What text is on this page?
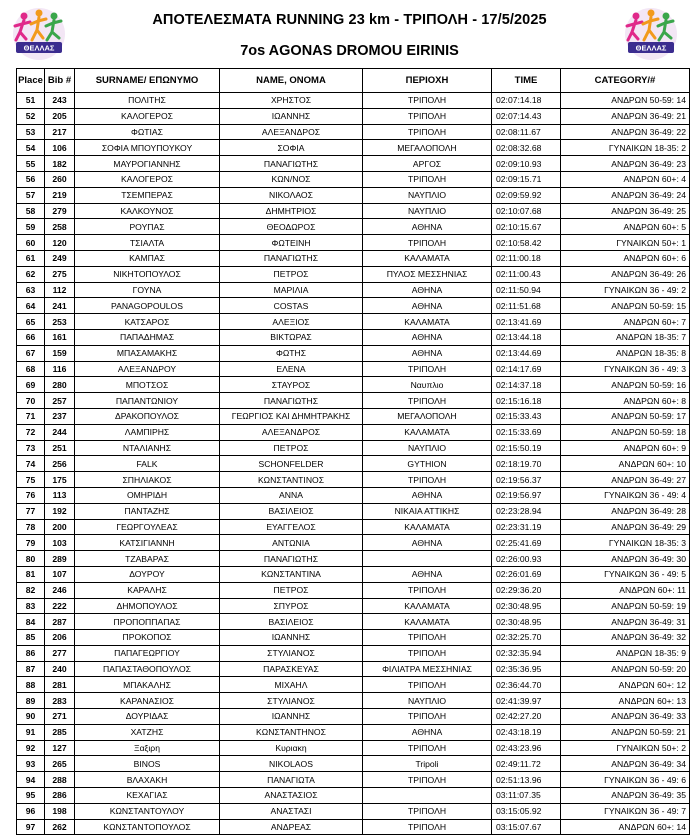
ΘΕΛΛΑΣ	ΘΕΛΛΑΣ
ΑΠΟΤΕΛΕΣΜΑΤΑ RUNNING 23 km - ΤΡΙΠΟΛΗ - 17/5/2025
7os AGONAS DROMOU EIRINIS
Place	Bib #	SURNAME/ ΕΠΩΝΥΜΟ	NAME, ΟΝΟΜΑ	ΠΕΡΙΟΧΗ	TIME	CATEGORY/#
51	243	ΠΟΛΙΤΗΣ	ΧΡΗΣΤΟΣ	ΤΡΙΠΟΛΗ	02:07:14.18	ΑΝΔΡΩΝ 50-59: 14
52	205	ΚΑΛΟΓΕΡΟΣ	ΙΩΑΝΝΗΣ	ΤΡΙΠΟΛΗ	02:07:14.43	ΑΝΔΡΩΝ 36-49: 21
53	217	ΦΩΤΙΑΣ	ΑΛΕΞΑΝΔΡΟΣ	ΤΡΙΠΟΛΗ	02:08:11.67	ΑΝΔΡΩΝ 36-49: 22
54	106	ΣΟΦΙΑ ΜΠΟΥΠΟΥΚΟΥ	ΣΟΦΙΑ	ΜΕΓΑΛΟΠΟΛΗ	02:08:32.68	ΓΥΝΑΙΚΩΝ 18-35: 2
55	182	ΜΑΥΡΟΓΙΑΝΝΗΣ	ΠΑΝΑΓΙΩΤΗΣ	ΑΡΓΟΣ	02:09:10.93	ΑΝΔΡΩΝ 36-49: 23
56	260	ΚΑΛΟΓΕΡΟΣ	ΚΩΝ/ΝΟΣ	ΤΡΙΠΟΛΗ	02:09:15.71	ΑΝΔΡΩΝ 60+: 4
57	219	ΤΣΕΜΠΕΡΑΣ	ΝΙΚΟΛΑΟΣ	ΝΑΥΠΛΙΟ	02:09:59.92	ΑΝΔΡΩΝ 36-49: 24
58	279	ΚΑΛΚΟΥΝΟΣ	ΔΗΜΗΤΡΙΟΣ	ΝΑΥΠΛΙΟ	02:10:07.68	ΑΝΔΡΩΝ 36-49: 25
59	258	ΡΟΥΠΑΣ	ΘΕΟΔΩΡΟΣ	ΑΘΗΝΑ	02:10:15.67	ΑΝΔΡΩΝ 60+: 5
60	120	ΤΣΙΑΛΤΑ	ΦΩΤΕΙΝΗ	ΤΡΙΠΟΛΗ	02:10:58.42	ΓΥΝΑΙΚΩΝ 50+: 1
61	249	ΚΑΜΠΑΣ	ΠΑΝΑΓΙΩΤΗΣ	ΚΑΛΑΜΑΤΑ	02:11:00.18	ΑΝΔΡΩΝ 60+: 6
62	275	ΝΙΚΗΤΟΠΟΥΛΟΣ	ΠΕΤΡΟΣ	ΠΥΛΟΣ ΜΕΣΣΗΝΙΑΣ	02:11:00.43	ΑΝΔΡΩΝ 36-49: 26
63	112	ΓΟΥΝΑ	ΜΑΡΙΛΙΑ	ΑΘΗΝΑ	02:11:50.94	ΓΥΝΑΙΚΩΝ 36 - 49: 2
64	241	PANAGOPOULOS	COSTAS	ΑΘΗΝΑ	02:11:51.68	ΑΝΔΡΩΝ 50-59: 15
65	253	ΚΑΤΣΑΡΟΣ	ΑΛΕΞΙΟΣ	ΚΑΛΑΜΑΤΑ	02:13:41.69	ΑΝΔΡΩΝ 60+: 7
66	161	ΠΑΠΑΔΗΜΑΣ	ΒΙΚΤΩΡΑΣ	ΑΘΗΝΑ	02:13:44.18	ΑΝΔΡΩΝ 18-35: 7
67	159	ΜΠΑΣΑΜΑΚΗΣ	ΦΩΤΗΣ	ΑΘΗΝΑ	02:13:44.69	ΑΝΔΡΩΝ 18-35: 8
68	116	ΑΛΕΞΑΝΔΡΟΥ	ΕΛΕΝΑ	ΤΡΙΠΟΛΗ	02:14:17.69	ΓΥΝΑΙΚΩΝ 36 - 49: 3
69	280	ΜΠΟΤΣΟΣ	ΣΤΑΥΡΟΣ	Ναυπλιο	02:14:37.18	ΑΝΔΡΩΝ 50-59: 16
70	257	ΠΑΠΑΝΤΩΝΙΟΥ	ΠΑΝΑΓΙΩΤΗΣ	ΤΡΙΠΟΛΗ	02:15:16.18	ΑΝΔΡΩΝ 60+: 8
71	237	ΔΡΑΚΟΠΟΥΛΟΣ	ΓΕΩΡΓΙΟΣ ΚΑΙ ΔΗΜΗΤΡΑΚΗΣ	ΜΕΓΑΛΟΠΟΛΗ	02:15:33.43	ΑΝΔΡΩΝ 50-59: 17
72	244	ΛΑΜΠΙΡΗΣ	ΑΛΕΞΑΝΔΡΟΣ	ΚΑΛΑΜΑΤΑ	02:15:33.69	ΑΝΔΡΩΝ 50-59: 18
73	251	ΝΤΑΛΙΑΝΗΣ	ΠΕΤΡΟΣ	ΝΑΥΠΛΙΟ	02:15:50.19	ΑΝΔΡΩΝ 60+: 9
74	256	FALK	SCHONFELDER	GYTHION	02:18:19.70	ΑΝΔΡΩΝ 60+: 10
75	175	ΣΠΗΛΙΑΚΟΣ	ΚΩΝΣΤΑΝΤΙΝΟΣ	ΤΡΙΠΟΛΗ	02:19:56.37	ΑΝΔΡΩΝ 36-49: 27
76	113	ΟΜΗΡΙΔΗ	ΑΝΝΑ	ΑΘΗΝΑ	02:19:56.97	ΓΥΝΑΙΚΩΝ 36 - 49: 4
77	192	ΠΑΝΤΑΖΗΣ	ΒΑΣΙΛΕΙΟΣ	ΝΙΚΑΙΑ ΑΤΤΙΚΗΣ	02:23:28.94	ΑΝΔΡΩΝ 36-49: 28
78	200	ΓΕΩΡΓΟΥΛΕΑΣ	ΕΥΑΓΓΕΛΟΣ	ΚΑΛΑΜΑΤΑ	02:23:31.19	ΑΝΔΡΩΝ 36-49: 29
79	103	ΚΑΤΣΙΓΙΑΝΝΗ	ΑΝΤΩΝΙΑ	ΑΘΗΝΑ	02:25:41.69	ΓΥΝΑΙΚΩΝ 18-35: 3
80	289	ΤΖΑΒΑΡΑΣ	ΠΑΝΑΓΙΩΤΗΣ		02:26:00.93	ΑΝΔΡΩΝ 36-49: 30
81	107	ΔΟΥΡΟΥ	ΚΩΝΣΤΑΝΤΙΝΑ	ΑΘΗΝΑ	02:26:01.69	ΓΥΝΑΙΚΩΝ 36 - 49: 5
82	246	ΚΑΡΑΛΗΣ	ΠΕΤΡΟΣ	ΤΡΙΠΟΛΗ	02:29:36.20	ΑΝΔΡΩΝ 60+: 11
83	222	ΔΗΜΟΠΟΥΛΟΣ	ΣΠΥΡΟΣ	ΚΑΛΑΜΑΤΑ	02:30:48.95	ΑΝΔΡΩΝ 50-59: 19
84	287	ΠΡΟΠΟΠΠΑΠΑΣ	ΒΑΣΙΛΕΙΟΣ	ΚΑΛΑΜΑΤΑ	02:30:48.95	ΑΝΔΡΩΝ 36-49: 31
85	206	ΠΡΟΚΟΠΟΣ	ΙΩΑΝΝΗΣ	ΤΡΙΠΟΛΗ	02:32:25.70	ΑΝΔΡΩΝ 36-49: 32
86	277	ΠΑΠΑΓΕΩΡΓΙΟΥ	ΣΤΥΛΙΑΝΟΣ	ΤΡΙΠΟΛΗ	02:32:35.94	ΑΝΔΡΩΝ 18-35: 9
87	240	ΠΑΠΑΣΤΑΘΟΠΟΥΛΟΣ	ΠΑΡΑΣΚΕΥΑΣ	ΦΙΛΙΑΤΡΑ ΜΕΣΣΗΝΙΑΣ	02:35:36.95	ΑΝΔΡΩΝ 50-59: 20
88	281	ΜΠΑΚΑΛΗΣ	ΜΙΧΑΗΛ	ΤΡΙΠΟΛΗ	02:36:44.70	ΑΝΔΡΩΝ 60+: 12
89	283	ΚΑΡΑΝΑΣΙΟΣ	ΣΤΥΛΙΑΝΟΣ	ΝΑΥΠΛΙΟ	02:41:39.97	ΑΝΔΡΩΝ 60+: 13
90	271	ΔΟΥΡΙΔΑΣ	ΙΩΑΝΝΗΣ	ΤΡΙΠΟΛΗ	02:42:27.20	ΑΝΔΡΩΝ 36-49: 33
91	285	ΧΑΤΖΗΣ	ΚΩΝΣΤΑΝΤΗΝΟΣ	ΑΘΗΝΑ	02:43:18.19	ΑΝΔΡΩΝ 50-59: 21
92	127	Ξαξιρη	Κυριακη	ΤΡΙΠΟΛΗ	02:43:23.96	ΓΥΝΑΙΚΩΝ 50+: 2
93	265	BINOS	NIKOLAOS	Tripoli	02:49:11.72	ΑΝΔΡΩΝ 36-49: 34
94	288	ΒΛΑΧΑΚΗ	ΠΑΝΑΓΙΩΤΑ	ΤΡΙΠΟΛΗ	02:51:13.96	ΓΥΝΑΙΚΩΝ 36 - 49: 6
95	286	ΚΕΧΑΓΙΑΣ	ΑΝΑΣΤΑΣΙΟΣ		03:11:07.35	ΑΝΔΡΩΝ 36-49: 35
96	198	ΚΩΝΣΤΑΝΤΟΥΛΟΥ	ΑΝΑΣΤΑΣΙ	ΤΡΙΠΟΛΗ	03:15:05.92	ΓΥΝΑΙΚΩΝ 36 - 49: 7
97	262	ΚΩΝΣΤΑΝΤΟΠΟΥΛΟΣ	ΑΝΔΡΕΑΣ	ΤΡΙΠΟΛΗ	03:15:07.67	ΑΝΔΡΩΝ 60+: 14
